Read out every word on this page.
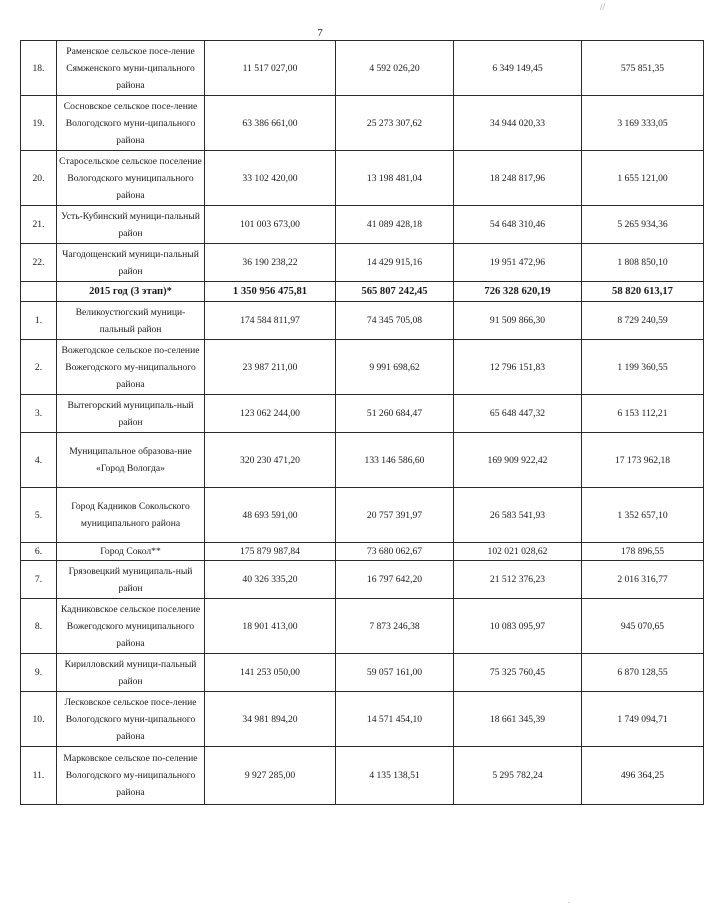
7
//
18.	Раменское сельское посе-ление Сямженского муни-ципального района	11 517 027,00	4 592 026,20	6 349 149,45	575 851,35
19.	Сосновское сельское посе-ление Вологодского муни-ципального района	63 386 661,00	25 273 307,62	34 944 020,33	3 169 333,05
20.	Старосельское сельское поселение Вологодского муниципального района	33 102 420,00	13 198 481,04	18 248 817,96	1 655 121,00
21.	Усть-Кубинский муници-пальный район	101 003 673,00	41 089 428,18	54 648 310,46	5 265 934,36
22.	Чагодощенский муници-пальный район	36 190 238,22	14 429 915,16	19 951 472,96	1 808 850,10
	2015 год (3 этап)*	1 350 956 475,81	565 807 242,45	726 328 620,19	58 820 613,17
1.	Великоустюгский муници-пальный район	174 584 811,97	74 345 705,08	91 509 866,30	8 729 240,59
2.	Вожегодское сельское по-селение Вожегодского му-ниципального района	23 987 211,00	9 991 698,62	12 796 151,83	1 199 360,55
3.	Вытегорский муниципаль-ный район	123 062 244,00	51 260 684,47	65 648 447,32	6 153 112,21
4.	Муниципальное образова-ние «Город Вологда»	320 230 471,20	133 146 586,60	169 909 922,42	17 173 962,18
5.	Город Кадников Сокольского муниципального района	48 693 591,00	20 757 391,97	26 583 541,93	1 352 657,10
6.	Город Сокол**	175 879 987,84	73 680 062,67	102 021 028,62	178 896,55
7.	Грязовецкий муниципаль-ный район	40 326 335,20	16 797 642,20	21 512 376,23	2 016 316,77
8.	Кадниковское сельское поселение Вожегодского муниципального района	18 901 413,00	7 873 246,38	10 083 095,97	945 070,65
9.	Кирилловский муници-пальный район	141 253 050,00	59 057 161,00	75 325 760,45	6 870 128,55
10.	Лесковское сельское посе-ление Вологодского муни-ципального района	34 981 894,20	14 571 454,10	18 661 345,39	1 749 094,71
11.	Марковское сельское по-селение Вологодского му-ниципального района	9 927 285,00	4 135 138,51	5 295 782,24	496 364,25
.
